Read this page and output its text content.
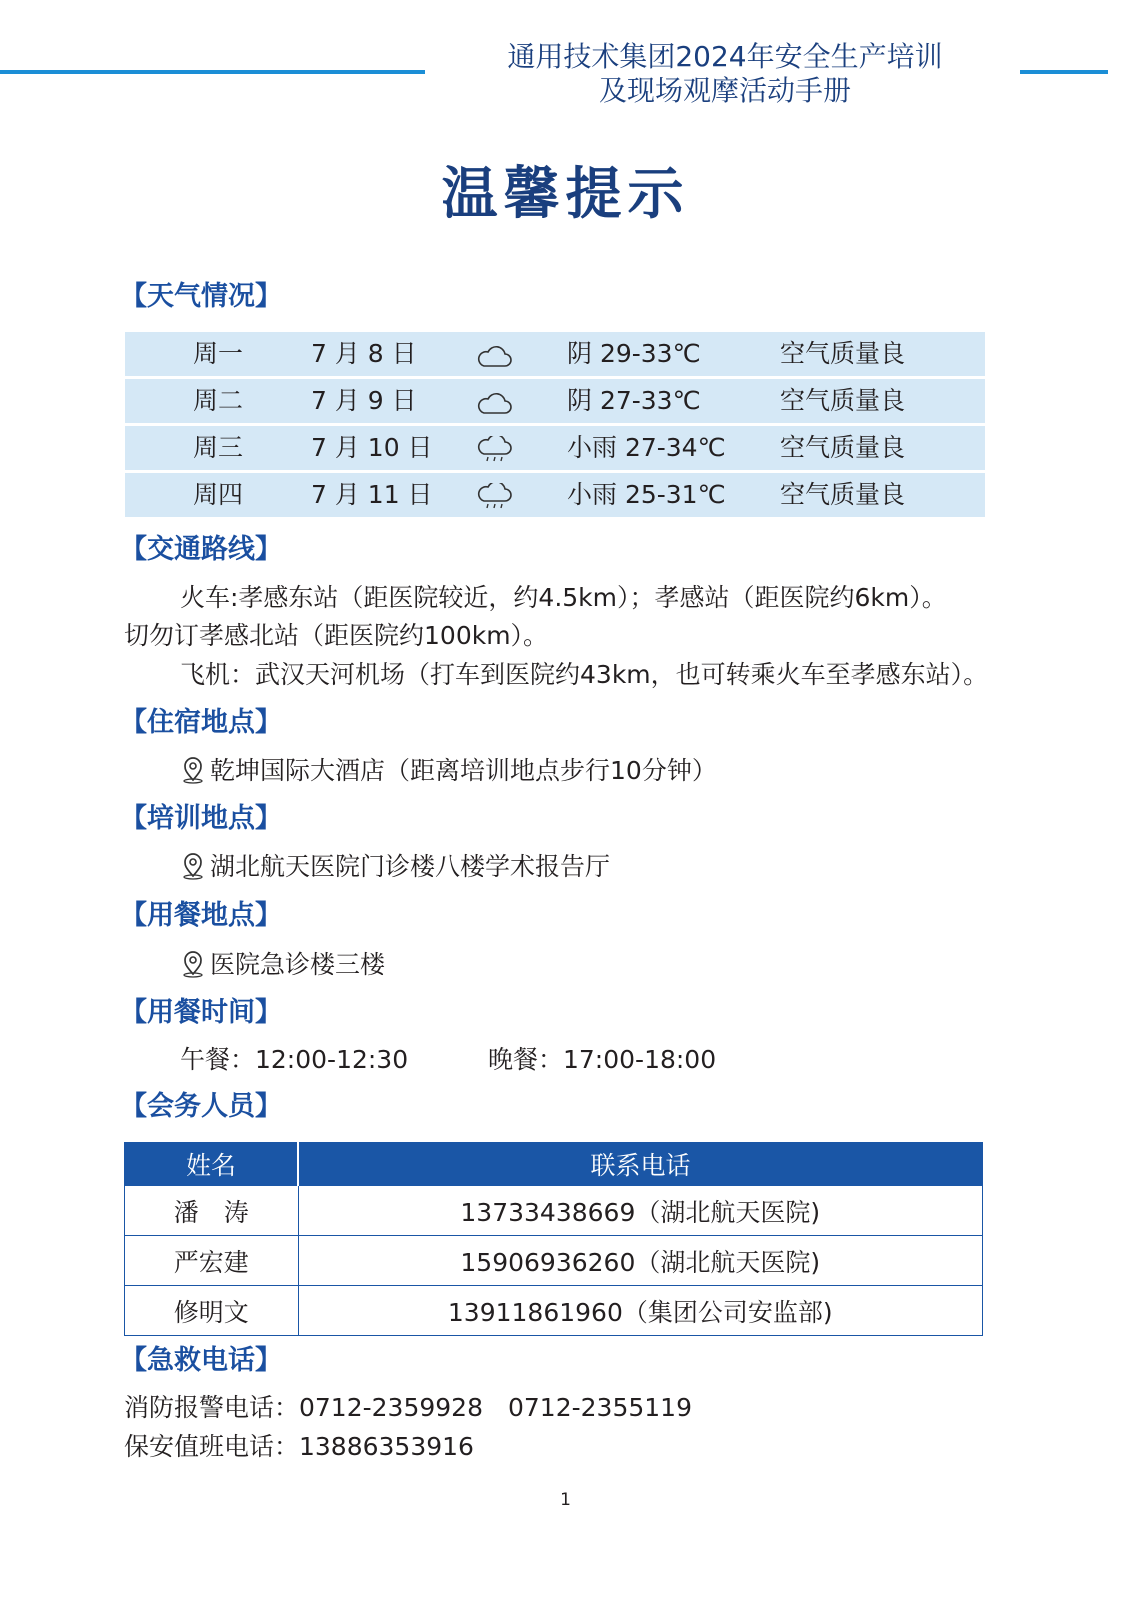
通用技术集团2024年安全生产培训
及现场观摩活动手册
温馨提示
【天气情况】
周一	7 月 8 日	阴 29-33℃	空气质量良
周二	7 月 9 日	阴 27-33℃	空气质量良
周三	7 月 10 日	小雨 27-34℃ 空气质量良
周四	7 月 11 日	小雨 25-31℃ 空气质量良
【交通路线】
火车:孝感东站（距医院较近，约4.5km）；孝感站（距医院约6km）。
切勿订孝感北站（距医院约100km）。
飞机：武汉天河机场（打车到医院约43km，也可转乘火车至孝感东站）。
【住宿地点】
乾坤国际大酒店（距离培训地点步行10分钟）
【培训地点】
湖北航天医院门诊楼八楼学术报告厅
【用餐地点】
医院急诊楼三楼
【用餐时间】
午餐：12:00-12:30	晚餐：17:00-18:00
【会务人员】
姓名	联系电话
潘　涛	13733438669（湖北航天医院)
严宏建	15906936260（湖北航天医院)
修明文	13911861960（集团公司安监部)
【急救电话】
消防报警电话：0712-2359928　0712-2355119
保安值班电话：13886353916
1
